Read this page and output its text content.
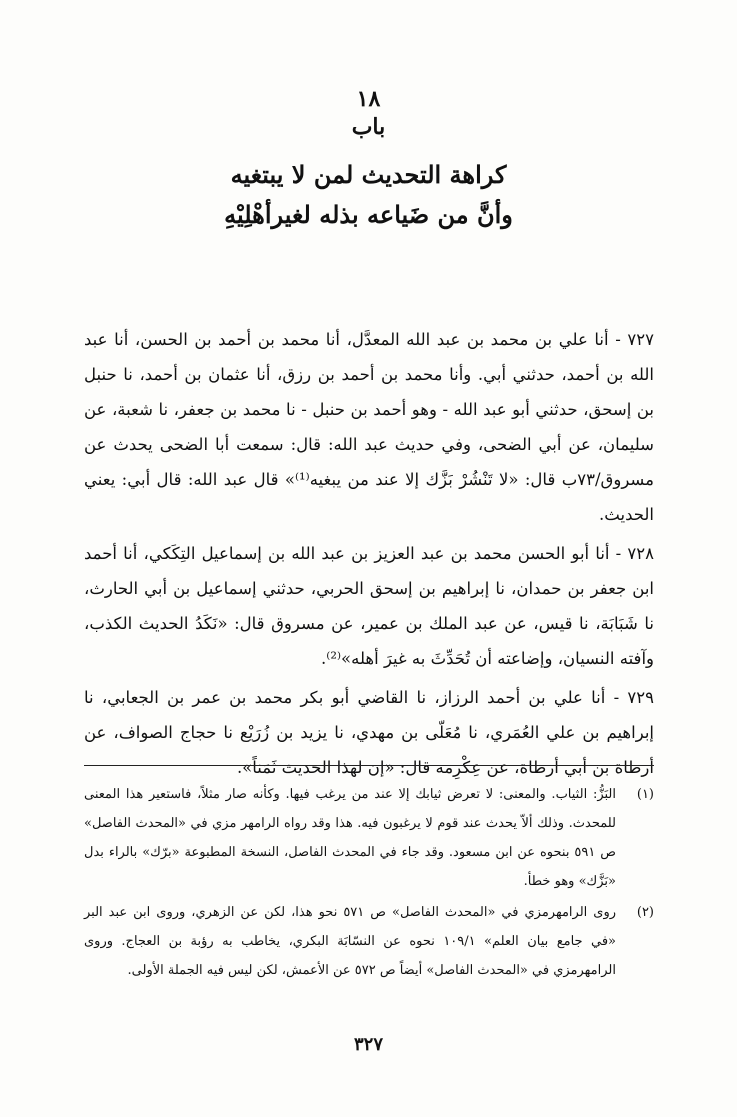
١٨
باب
كراهة التحديث لمن لا يبتغيه
وأنَّ من ضَياعه بذله لغيرأهْلِيْهِ

٧٢٧ - أنا علي بن محمد بن عبد الله المعدَّل، أنا محمد بن أحمد بن الحسن، أنا عبد الله بن أحمد، حدثني أبي. وأنا محمد بن أحمد بن رزق، أنا عثمان بن أحمد، نا حنبل بن إسحق، حدثني أبو عبد الله - وهو أحمد بن حنبل - نا محمد بن جعفر، نا شعبة، عن سليمان، عن أبي الضحى، وفي حديث عبد الله: قال: سمعت أبا الضحى يحدث عن مسروق/٧٣ب قال: «لا تَنْشُرْ بَزَّك إلا عند من يبغيه⁽¹⁾» قال عبد الله: قال أبي: يعني الحديث.

٧٢٨ - أنا أبو الحسن محمد بن عبد العزيز بن عبد الله بن إسماعيل التِكَكي، أنا أحمد ابن جعفر بن حمدان، نا إبراهيم بن إسحق الحربي، حدثني إسماعيل بن أبي الحارث، نا شَبَابَة، نا قيس، عن عبد الملك بن عمير، عن مسروق قال: «نَكَدُ الحديث الكذب، وآفته النسيان، وإضاعته أن تُحَدِّثَ به غيرَ أهله»⁽²⁾.

٧٢٩ - أنا علي بن أحمد الرزاز، نا القاضي أبو بكر محمد بن عمر بن الجعابي، نا إبراهيم بن علي العُمَري، نا مُعَلّى بن مهدي، نا يزيد بن زُرَيْع نا حجاج الصواف، عن أرطاة بن أبي أرطاة، عن عِكْرِمه قال: «إن لهذا الحديث ثَمَناً».

(١)
البَزُّ: الثياب. والمعنى: لا تعرض ثيابك إلا عند من يرغب فيها. وكأنه صار مثلاً، فاستعير هذا المعنى للمحدث. وذلك ألاّ يحدث عند قوم لا يرغبون فيه. هذا وقد رواه الرامهر مزي في «المحدث الفاصل» ص ٥٩١ بنحوه عن ابن مسعود. وقد جاء في المحدث الفاصل، النسخة المطبوعة «برّك» بالراء بدل «بَزَّك» وهو خطأ.
(٢)
روى الرامهرمزي في «المحدث الفاصل» ص ٥٧١ نحو هذا، لكن عن الزهري، وروى ابن عبد البر «في جامع بيان العلم» ١٠٩/١ نحوه عن النسّابَة البكري، يخاطب به رؤبة بن العجاج. وروى الرامهرمزي في «المحدث الفاصل» أيضاً ص ٥٧٢ عن الأعمش، لكن ليس فيه الجملة الأولى.
٣٢٧
